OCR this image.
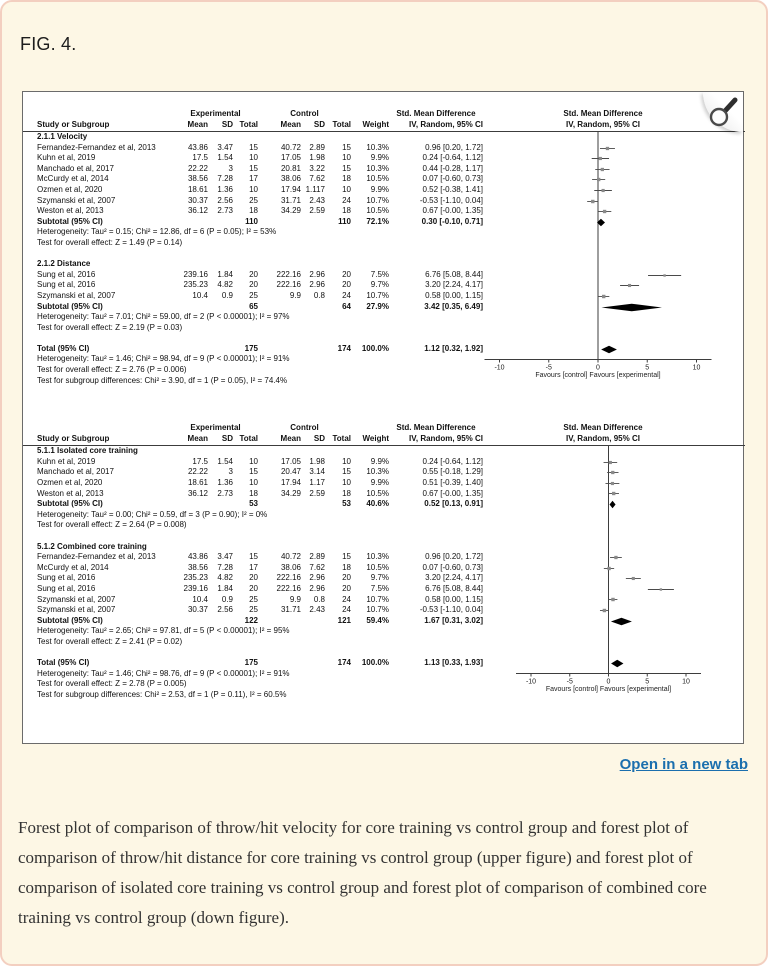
FIG. 4.
Experimental	Control	Std. Mean Difference
Study or Subgroup	Mean	SD Total	Mean	SD Total	Weight	IV, Random, 95% CI
Std. Mean Difference
IV, Random, 95% CI
2.1.1 Velocity
Fernandez-Fernandez et al, 2013	43.86	3.47	15	40.72	2.89	15	10.3%	0.96 [0.20, 1.72]
Kuhn et al, 2019	17.5	1.54	10	17.05	1.98	10	9.9%	0.24 [-0.64, 1.12]
Manchado et al, 2017	22.22	3	15	20.81	3.22	15	10.3%	0.44 [-0.28, 1.17]
McCurdy et al, 2014	38.56	7.28	17	38.06	7.62	18	10.5%	0.07 [-0.60, 0.73]
Ozmen et al, 2020	18.61	1.36	10	17.94 1.117	10	9.9%	0.52 [-0.38, 1.41]
Szymanski et al, 2007	30.37	2.56	25	31.71	2.43	24	10.7%	-0.53 [-1.10, 0.04]
Weston et al, 2013	36.12	2.73	18	34.29	2.59	18	10.5%	0.67 [-0.00, 1.35]
Subtotal (95% CI)	110	110	72.1%	0.30 [-0.10, 0.71]
Heterogeneity: Tau² = 0.15; Chi² = 12.86, df = 6 (P = 0.05); I² = 53%
Test for overall effect: Z = 1.49 (P = 0.14)
2.1.2 Distance
Sung et al, 2016	239.16	1.84	20	222.16	2.96	20	7.5%	6.76 [5.08, 8.44]
Sung et al, 2016	235.23	4.82	20	222.16	2.96	20	9.7%	3.20 [2.24, 4.17]
Szymanski et al, 2007	10.4	0.9	25	9.9	0.8	24	10.7%	0.58 [0.00, 1.15]
Subtotal (95% CI)	65	64	27.9%	3.42 [0.35, 6.49]
Heterogeneity: Tau² = 7.01; Chi² = 59.00, df = 2 (P < 0.00001); I² = 97%
Test for overall effect: Z = 2.19 (P = 0.03)
Total (95% CI)	175	174	100.0%	1.12 [0.32, 1.92]
Heterogeneity: Tau² = 1.46; Chi² = 98.94, df = 9 (P < 0.00001); I² = 91%
Test for overall effect: Z = 2.76 (P = 0.006)
Test for subgroup differences: Chi² = 3.90, df = 1 (P = 0.05), I² = 74.4%
-10	-5	0	5	10
Favours [control] Favours [experimental]
Experimental	Control	Std. Mean Difference
Study or Subgroup	Mean	SD Total	Mean	SD Total	Weight	IV, Random, 95% CI
Std. Mean Difference
IV, Random, 95% CI
5.1.1 Isolated core training
Kuhn et al, 2019	17.5	1.54	10	17.05	1.98	10	9.9%	0.24 [-0.64, 1.12]
Manchado et al, 2017	22.22	3	15	20.47	3.14	15	10.3%	0.55 [-0.18, 1.29]
Ozmen et al, 2020	18.61	1.36	10	17.94	1.17	10	9.9%	0.51 [-0.39, 1.40]
Weston et al, 2013	36.12	2.73	18	34.29	2.59	18	10.5%	0.67 [-0.00, 1.35]
Subtotal (95% CI)	53	53	40.6%	0.52 [0.13, 0.91]
Heterogeneity: Tau² = 0.00; Chi² = 0.59, df = 3 (P = 0.90); I² = 0%
Test for overall effect: Z = 2.64 (P = 0.008)
5.1.2 Combined core training
Fernandez-Fernandez et al, 2013	43.86	3.47	15	40.72	2.89	15	10.3%	0.96 [0.20, 1.72]
McCurdy et al, 2014	38.56	7.28	17	38.06	7.62	18	10.5%	0.07 [-0.60, 0.73]
Sung et al, 2016	235.23	4.82	20	222.16	2.96	20	9.7%	3.20 [2.24, 4.17]
Sung et al, 2016	239.16	1.84	20	222.16	2.96	20	7.5%	6.76 [5.08, 8.44]
Szymanski et al, 2007	10.4	0.9	25	9.9	0.8	24	10.7%	0.58 [0.00, 1.15]
Szymanski et al, 2007	30.37	2.56	25	31.71	2.43	24	10.7%	-0.53 [-1.10, 0.04]
Subtotal (95% CI)	122	121	59.4%	1.67 [0.31, 3.02]
Heterogeneity: Tau² = 2.65; Chi² = 97.81, df = 5 (P < 0.00001); I² = 95%
Test for overall effect: Z = 2.41 (P = 0.02)
Total (95% CI)	175	174	100.0%	1.13 [0.33, 1.93]
Heterogeneity: Tau² = 1.46; Chi² = 98.76, df = 9 (P < 0.00001); I² = 91%
Test for overall effect: Z = 2.78 (P = 0.005)
Test for subgroup differences: Chi² = 2.53, df = 1 (P = 0.11), I² = 60.5%
-10	-5	0	5	10
Favours [control] Favours [experimental]
Open in a new tab

Forest plot of comparison of throw/hit velocity for core training vs control group and forest plot of comparison of throw/hit distance for core training vs control group (upper figure) and forest plot of comparison of isolated core training vs control group and forest plot of comparison of combined core training vs control group (down figure).
